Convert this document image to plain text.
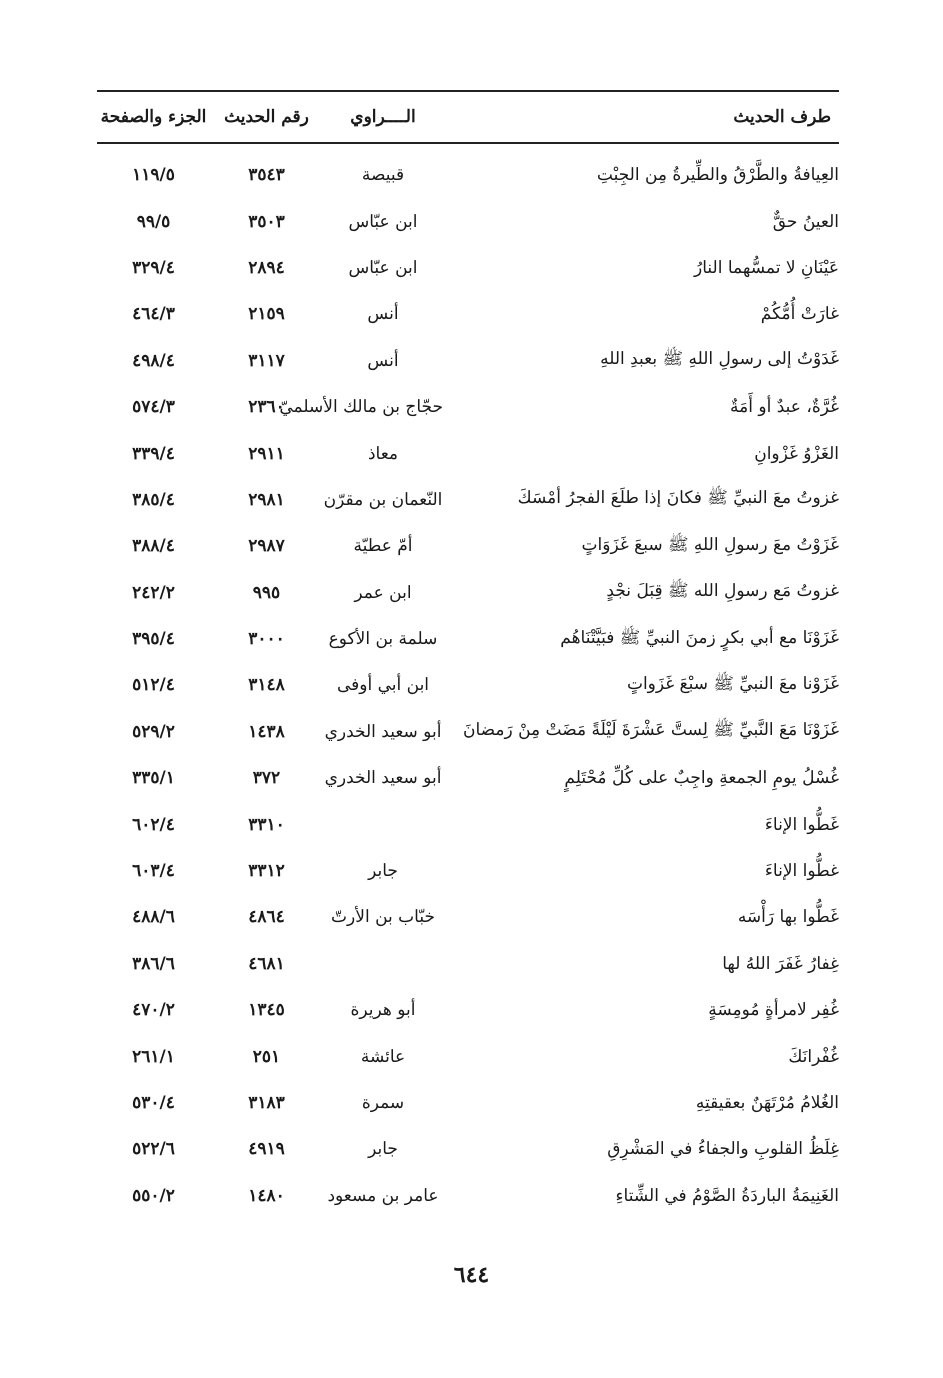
طرف الحديث	الــــراوي	رقم الحديث	الجزء والصفحة
العِيافةُ والطَّرْقُ والطِّيرةُ مِن الجِبْتِ	قبيصة	٣٥٤٣	١١٩/٥
العينُ حقٌّ	ابن عبّاس	٣٥٠٣	٩٩/٥
عَيْنَانِ لا تمسُّهما النارُ	ابن عبّاس	٢٨٩٤	٣٢٩/٤
غارَتْ أُمُّكُمْ	أنس	٢١٥٩	٤٦٤/٣
غَدَوْتُ إلى رسولِ اللهِ ﷺ بعبدِ اللهِ	أنس	٣١١٧	٤٩٨/٤
غُرَّةٌ، عبدٌ أو أَمَةٌ	حجّاج بن مالك الأسلميّ	٢٣٦٠	٥٧٤/٣
الغَزْوُ غَزْوانِ	معاذ	٢٩١١	٣٣٩/٤
غزوتُ معَ النبيِّ ﷺ فكانَ إذا طلَعَ الفجرُ أمْسَكَ	النّعمان بن مقرّن	٢٩٨١	٣٨٥/٤
غَزَوْتُ معَ رسولِ اللهِ ﷺ سبعَ غَزَوَاتٍ	أمّ عطيّة	٢٩٨٧	٣٨٨/٤
غزوتُ مَع رسولِ الله ﷺ قِبَلَ نجْدٍ	ابن عمر	٩٩٥	٢٤٢/٢
غَزَوْنَا مع أبي بكرٍ زمنَ النبيِّ ﷺ فبَيَّتْنَاهُم	سلمة بن الأكوع	٣٠٠٠	٣٩٥/٤
غَزَوْنا معَ النبيِّ ﷺ سبْعَ غَزَواتٍ	ابن أبي أوفى	٣١٤٨	٥١٢/٤
غَزَوْنَا مَعَ النَّبيِّ ﷺ لِستَّ عَشْرَةَ لَيْلَةً مَضَتْ مِنْ رَمضانَ	أبو سعيد الخدري	١٤٣٨	٥٢٩/٢
غُسْلُ يومِ الجمعةِ واجِبٌ على كُلِّ مُحْتَلِمٍ	أبو سعيد الخدري	٣٧٢	٣٣٥/١
غَطُّوا الإناءَ		٣٣١٠	٦٠٢/٤
غطُّوا الإناءَ	جابر	٣٣١٢	٦٠٣/٤
غَطُّوا بها رَأْسَه	خبّاب بن الأرتّ	٤٨٦٤	٤٨٨/٦
غِفارُ غَفَرَ اللهُ لها		٤٦٨١	٣٨٦/٦
غُفِر لامرأةٍ مُومِسَةٍ	أبو هريرة	١٣٤٥	٤٧٠/٢
غُفْرانَكَ	عائشة	٢٥١	٢٦١/١
الغُلامُ مُرْتَهَنٌ بعقيقتِهِ	سمرة	٣١٨٣	٥٣٠/٤
غِلَظُ القلوبِ والجفاءُ في المَشْرِقِ	جابر	٤٩١٩	٥٢٢/٦
الغَنِيمَةُ الباردَةُ الصَّوْمُ في الشِّتاءِ	عامر بن مسعود	١٤٨٠	٥٥٠/٢
٦٤٤
